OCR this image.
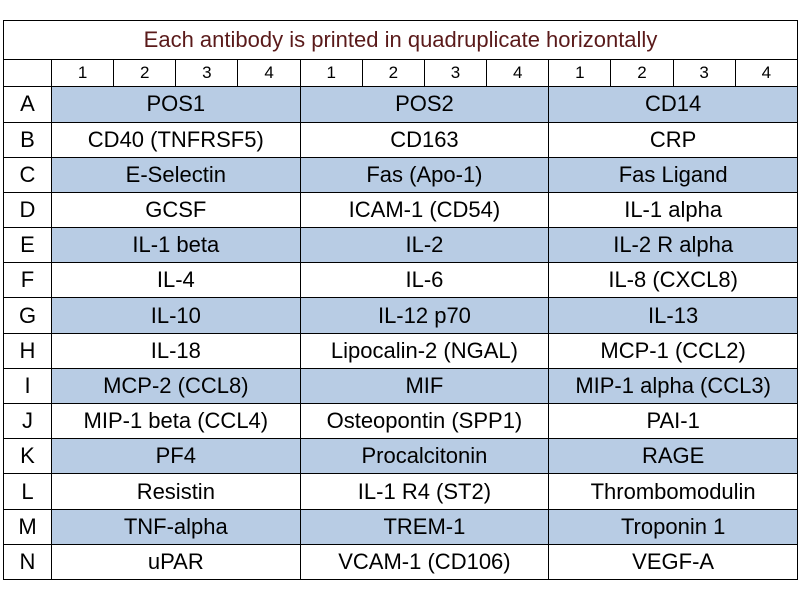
Each antibody is printed in quadruplicate horizontally												
	1	2	3	4	1	2	3	4	1	2	3	4
A	POS1				POS2				CD14			
B	CD40 (TNFRSF5)				CD163				CRP			
C	E-Selectin				Fas (Apo-1)				Fas Ligand			
D	GCSF				ICAM-1 (CD54)				IL-1 alpha			
E	IL-1 beta				IL-2				IL-2 R alpha			
F	IL-4				IL-6				IL-8 (CXCL8)			
G	IL-10				IL-12 p70				IL-13			
H	IL-18				Lipocalin-2 (NGAL)				MCP-1 (CCL2)			
I	MCP-2 (CCL8)				MIF				MIP-1 alpha (CCL3)			
J	MIP-1 beta (CCL4)				Osteopontin (SPP1)				PAI-1			
K	PF4				Procalcitonin				RAGE			
L	Resistin				IL-1 R4 (ST2)				Thrombomodulin			
M	TNF-alpha				TREM-1				Troponin 1			
N	uPAR				VCAM-1 (CD106)				VEGF-A			
